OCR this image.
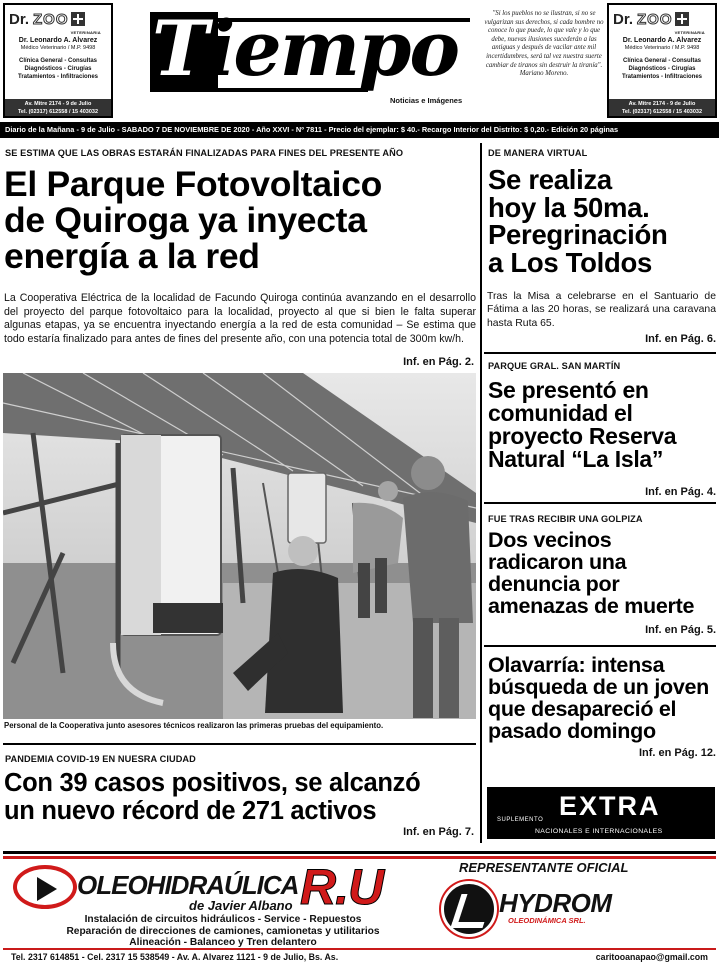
Dr. ZOO
VETERINARIA
Dr. Leonardo A. Alvarez
Médico Veterinario / M.P. 9498
Clínica General - Consultas
Diagnósticos - Cirugías
Tratamientos - Infiltraciones
Av. Mitre 2174 - 9 de Julio
Tel. (02317) 612558 / 15 403032
Tiempo
Noticias e Imágenes
"Si los pueblos no se ilustran, si no se vulgarizan sus derechos, si cada hombre no conoce lo que puede, lo que vale y lo que debe, nuevas ilusiones sucederán a las antiguas y después de vacilar ante mil incertidumbres, será tal vez nuestra suerte cambiar de tiranos sin destruir la tiranía". Mariano Moreno.
Dr. ZOO
VETERINARIA
Dr. Leonardo A. Alvarez
Médico Veterinario / M.P. 9498
Clínica General - Consultas
Diagnósticos - Cirugías
Tratamientos - Infiltraciones
Av. Mitre 2174 - 9 de Julio
Tel. (02317) 612558 / 15 403032
Diario de la Mañana - 9 de Julio - SABADO 7 DE NOVIEMBRE DE 2020 - Año XXVI - Nº 7811 - Precio del ejemplar: $ 40.- Recargo Interior del Distrito: $ 0,20.- Edición 20 páginas
SE ESTIMA QUE LAS OBRAS ESTARÁN FINALIZADAS PARA FINES DEL PRESENTE AÑO
El Parque Fotovoltaico
de Quiroga ya inyecta
energía a la red
La Cooperativa Eléctrica de la localidad de Facundo Quiroga continúa avanzando en el desarrollo del proyecto del parque fotovoltaico para la localidad, proyecto al que si bien le falta superar algunas etapas, ya se encuentra inyectando energía a la red de esta comunidad – Se estima que todo estaría finalizado para antes de fines del presente año, con una potencia total de 300m kw/h.
Inf. en Pág. 2.
Personal de la Cooperativa junto asesores técnicos realizaron las primeras pruebas del equipamiento.
PANDEMIA COVID-19 EN NUESRA CIUDAD
Con 39 casos positivos, se alcanzó
un nuevo récord de 271 activos
Inf. en Pág. 7.
DE MANERA VIRTUAL
Se realiza
hoy la 50ma.
Peregrinación
a Los Toldos
Tras la Misa a celebrarse en el Santuario de Fátima a las 20 horas, se realizará una caravana hasta Ruta 65.
Inf. en Pág. 6.
PARQUE GRAL. SAN MARTÍN
Se presentó en
comunidad el
proyecto Reserva
Natural “La Isla”
Inf. en Pág. 4.
FUE TRAS RECIBIR UNA GOLPIZA
Dos vecinos
radicaron una
denuncia por
amenazas de muerte
Inf. en Pág. 5.
Olavarría: intensa
búsqueda de un joven
que desapareció el
pasado domingo
Inf. en Pág. 12.
SUPLEMENTO EXTRA
NACIONALES E INTERNACIONALES
OLEOHIDRAÚLICA R.U
de Javier Albano
REPRESENTANTE OFICIAL
HYDROM
OLEODINÁMICA SRL.
Instalación de circuitos hidráulicos - Service - Repuestos
Reparación de direcciones de camiones, camionetas y utilitarios
Alineación - Balanceo y Tren delantero
Tel. 2317 614851 - Cel. 2317 15 538549 - Av. A. Alvarez 1121 - 9 de Julio, Bs. As.	caritooanapao@gmail.com
